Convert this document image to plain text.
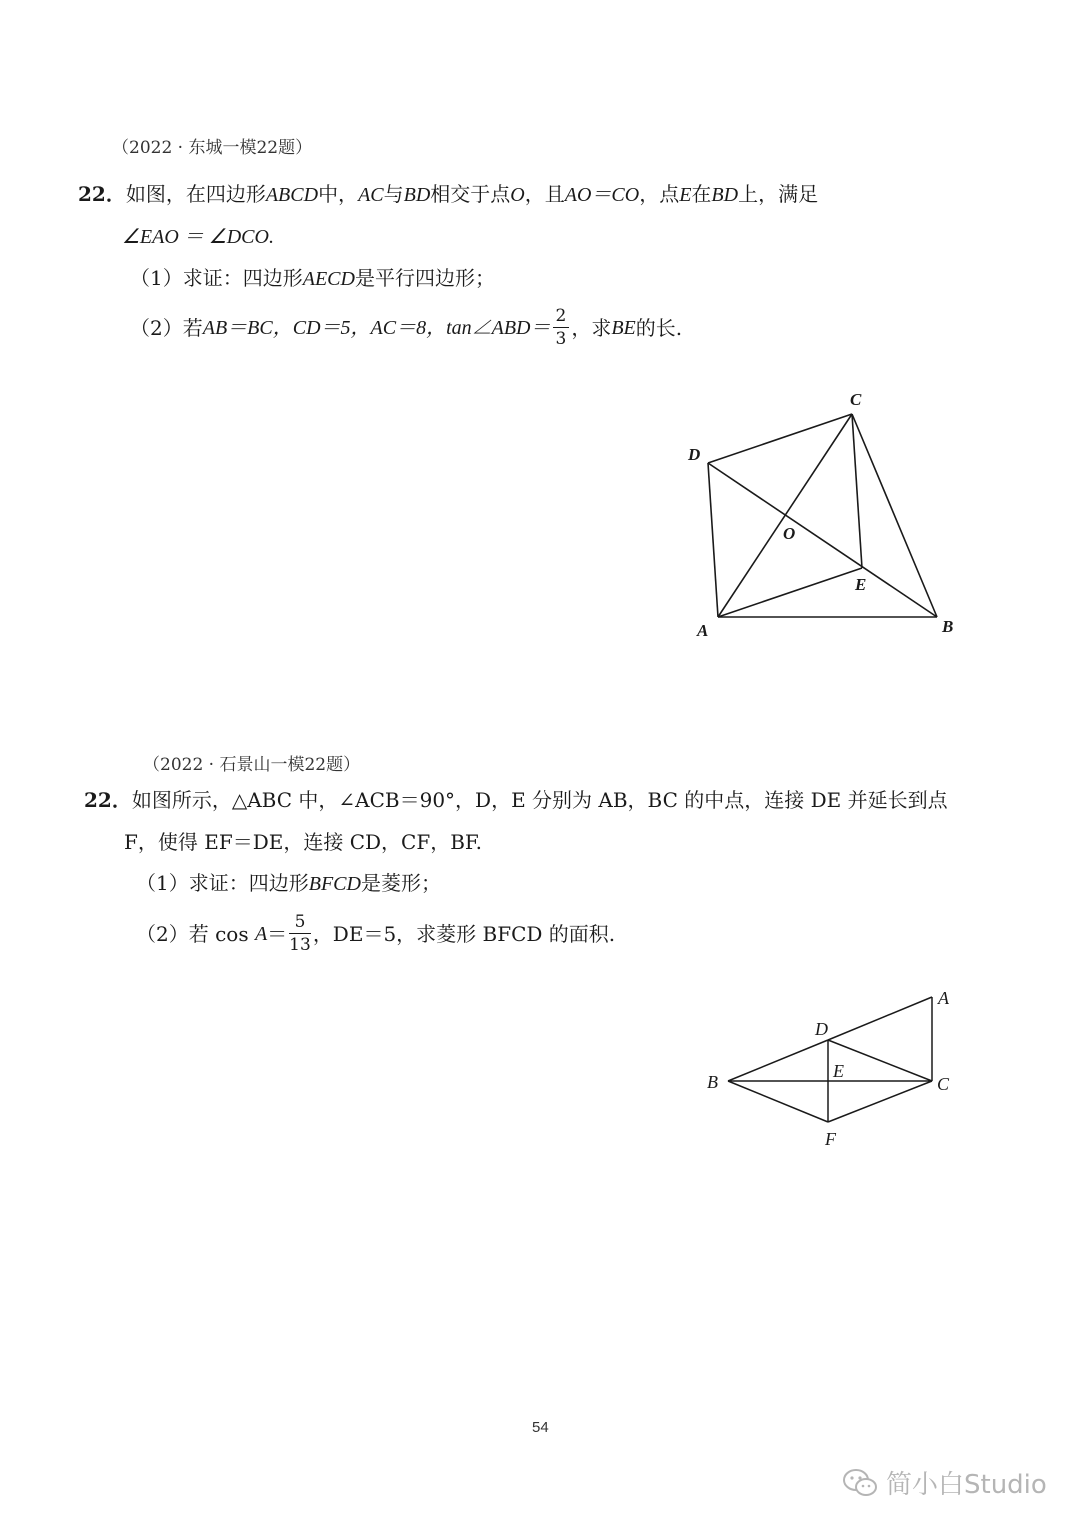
（2022 · 东城一模22题）
22．如图，在四边形ABCD中，AC与BD相交于点O，且AO＝CO，点E在BD上，满足
∠EAO ＝ ∠DCO.
（1）求证：四边形AECD是平行四边形；
（2）若 AB＝BC，CD＝5，AC＝8，tan∠ABD＝ $\frac{2}{3}$ ，求 BE 的长.
C
D
O
E
A	B
（2022 · 石景山一模22题）
22．如图所示，△ABC 中，∠ACB＝90°，D，E 分别为 AB，BC 的中点，连接 DE 并延长到点
F，使得 EF＝DE，连接 CD，CF，BF.
（1）求证：四边形BFCD是菱形；
（2）若 cos
$A = \frac{5}{13}$ ，DE＝5，求菱形 BFCD 的面积.
A
D
E
B	C
F
54
简小白Studio
